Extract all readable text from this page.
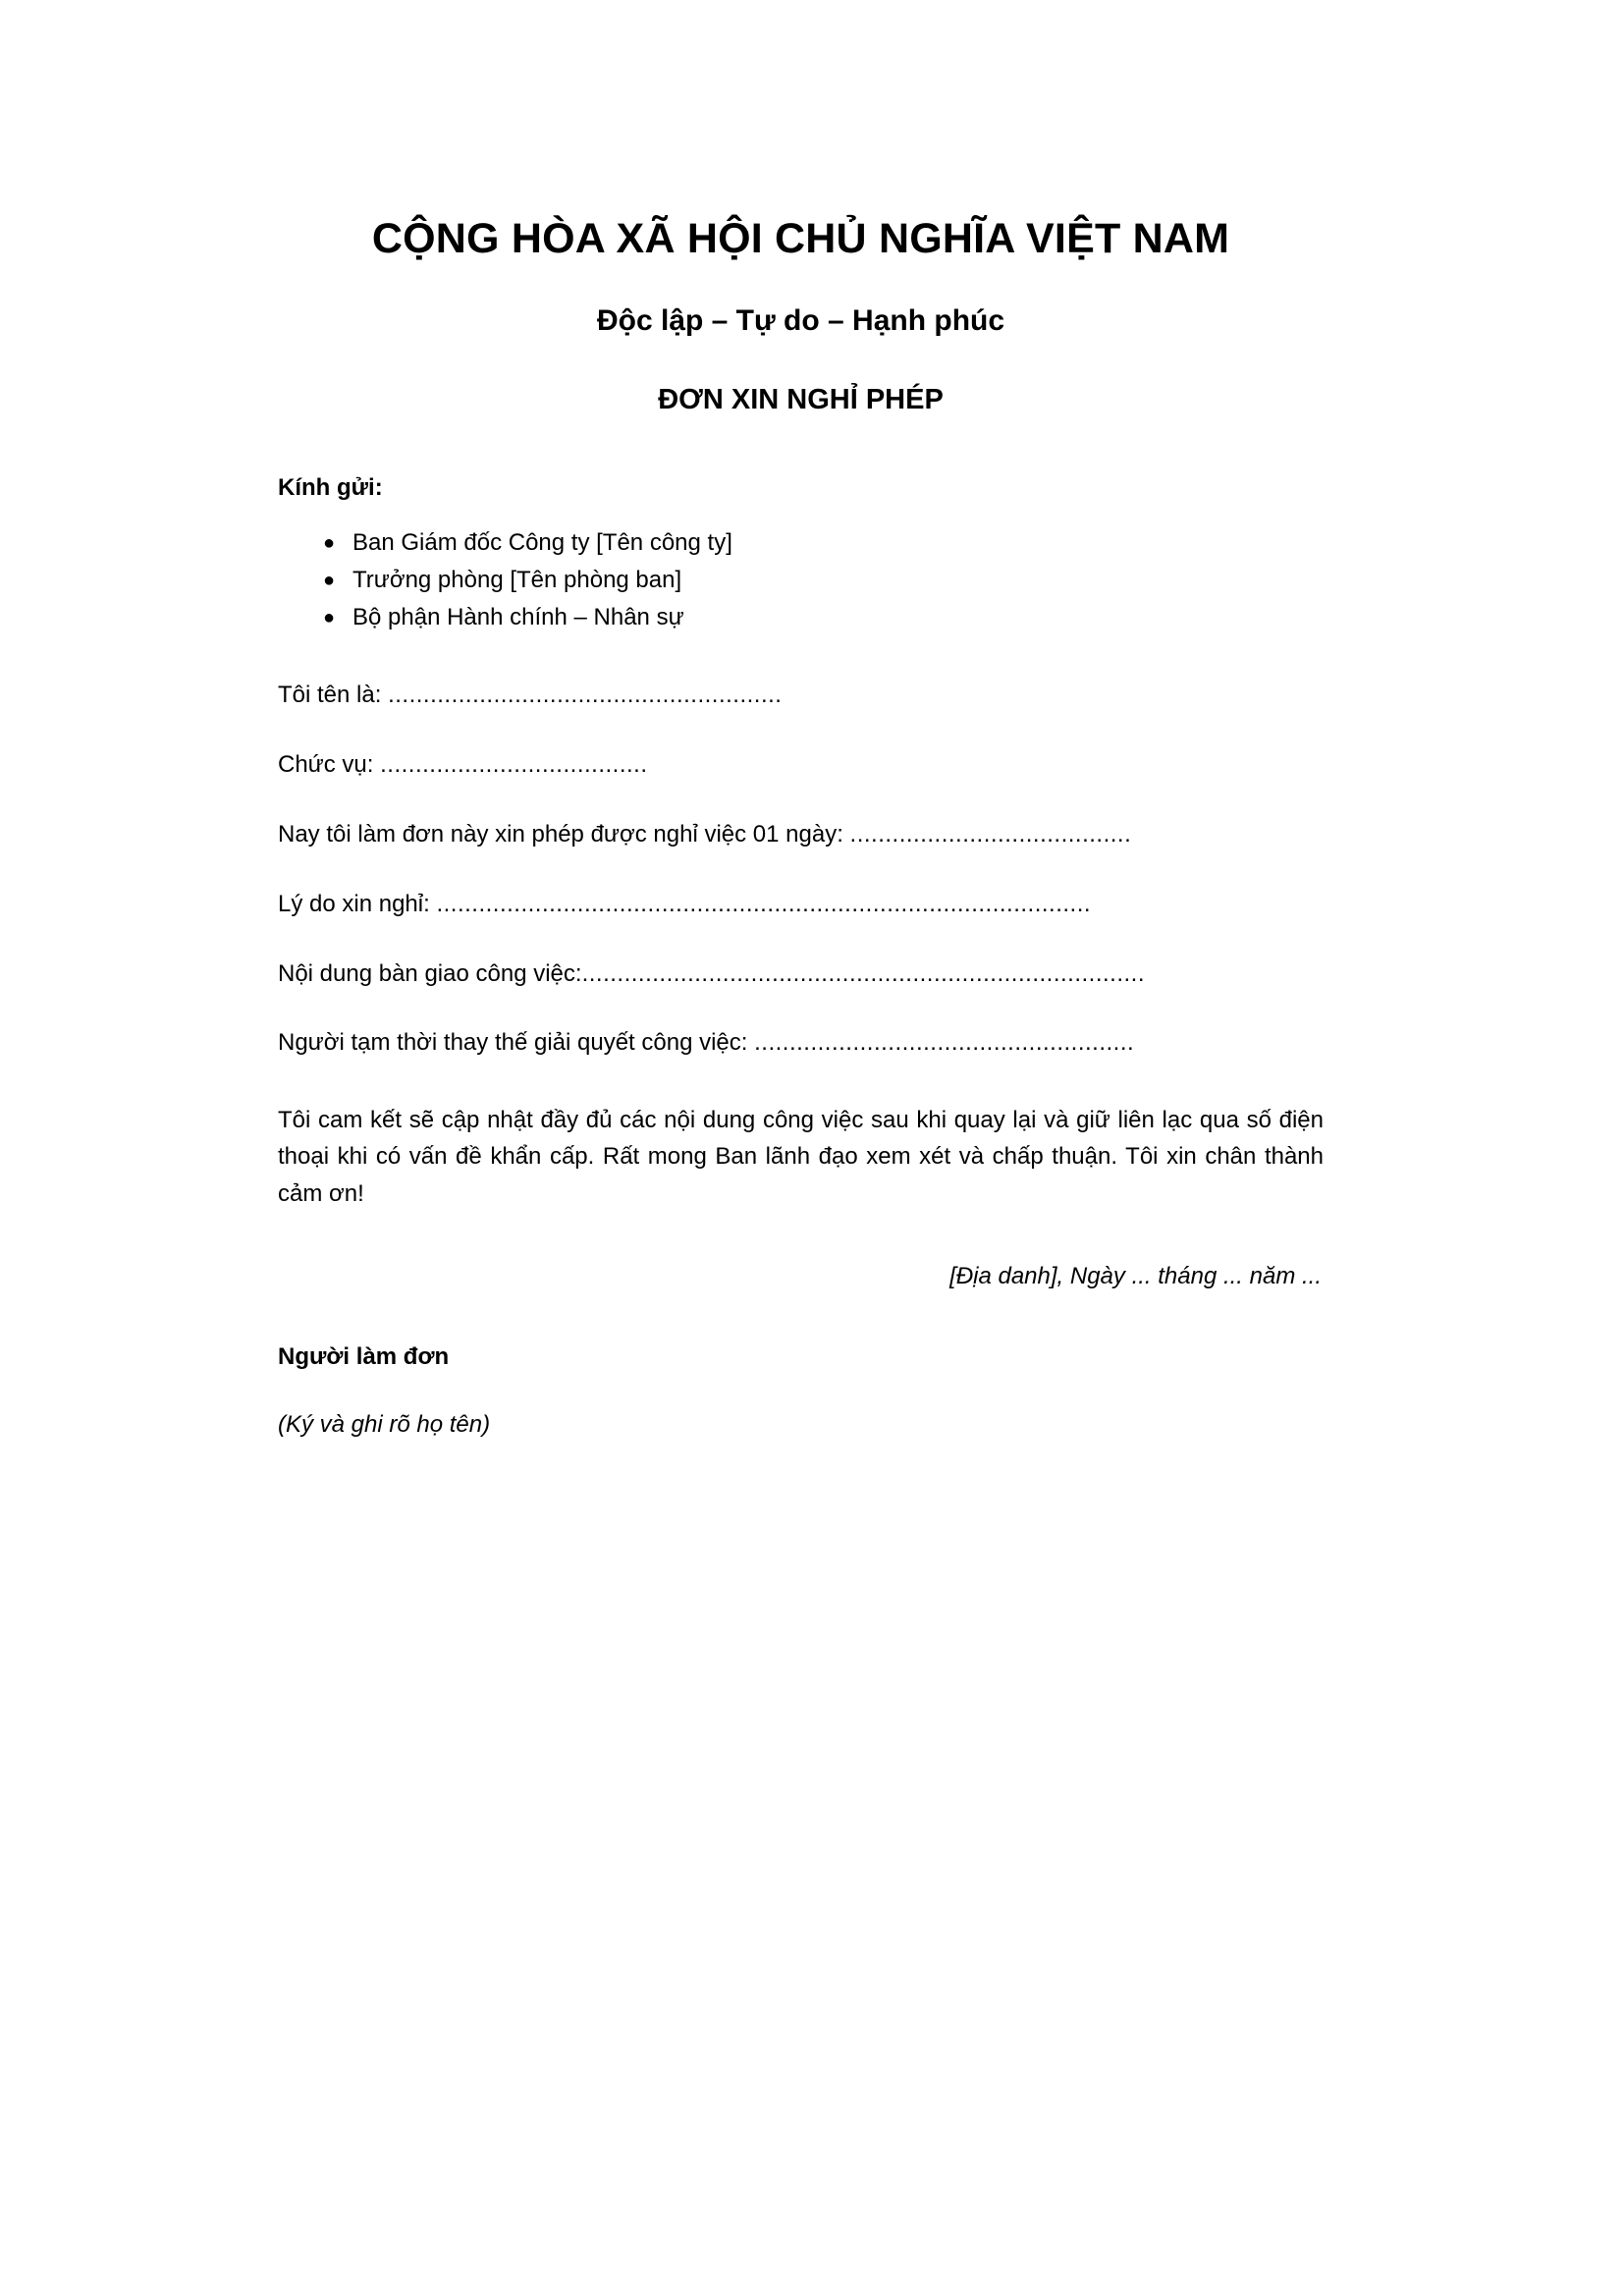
CỘNG HÒA XÃ HỘI CHỦ NGHĨA VIỆT NAM
Độc lập – Tự do – Hạnh phúc
ĐƠN XIN NGHỈ PHÉP

Kính gửi:

● Ban Giám đốc Công ty [Tên công ty]
● Trưởng phòng [Tên phòng ban]
● Bộ phận Hành chính – Nhân sự

Tôi tên là: ........................................................

Chức vụ: ......................................

Nay tôi làm đơn này xin phép được nghỉ việc 01 ngày: ........................................

Lý do xin nghỉ: .............................................................................................

Nội dung bàn giao công việc:................................................................................

Người tạm thời thay thế giải quyết công việc: ......................................................

Tôi cam kết sẽ cập nhật đầy đủ các nội dung công việc sau khi quay lại và giữ liên lạc qua số điện thoại khi có vấn đề khẩn cấp. Rất mong Ban lãnh đạo xem xét và chấp thuận. Tôi xin chân thành cảm ơn!

[Địa danh], Ngày ... tháng ... năm ...

Người làm đơn

(Ký và ghi rõ họ tên)
